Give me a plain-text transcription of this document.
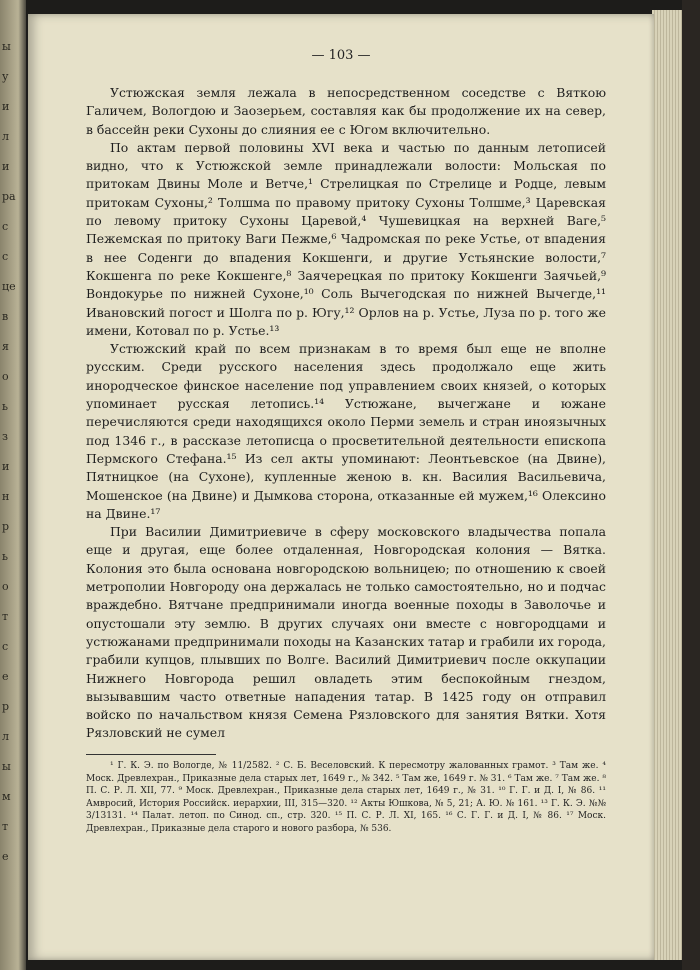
ы
у
и
л
и
ра
с
с
це
в
я
о
ь
з
и
н
р
ь
о
т
с
е
р
л
ы
м
т
е
— 103 —

Устюжская земля лежала в непосредственном соседстве с Вяткою Галичем, Вологдою и Заозерьем, составляя как бы продолжение их на север, в бассейн реки Сухоны до слияния ее с Югом включительно.

По актам первой половины XVI века и частью по данным летописей видно, что к Устюжской земле принадлежали волости: Мольская по притокам Двины Моле и Ветче,¹ Стрелицкая по Стрелице и Родце, левым притокам Сухоны,² Толшма по правому притоку Сухоны Толшме,³ Царевская по левому притоку Сухоны Царевой,⁴ Чушевицкая на верхней Ваге,⁵ Пежемская по притоку Ваги Пежме,⁶ Чадромская по реке Устье, от впадения в нее Соденги до впадения Кокшенги, и другие Устьянские волости,⁷ Кокшенга по реке Кокшенге,⁸ Заячерецкая по притоку Кокшенги Заячьей,⁹ Вондокурье по нижней Сухоне,¹⁰ Соль Вычегодская по нижней Вычегде,¹¹ Ивановский погост и Шолга по р. Югу,¹² Орлов на р. Устье, Луза по р. того же имени, Котовал по р. Устье.¹³

Устюжский край по всем признакам в то время был еще не вполне русским. Среди русского населения здесь продолжало еще жить инородческое финское население под управлением своих князей, о которых упоминает русская летопись.¹⁴ Устюжане, вычегжане и южане перечисляются среди находящихся около Перми земель и стран иноязычных под 1346 г., в рассказе летописца о просветительной деятельности епископа Пермского Стефана.¹⁵ Из сел акты упоминают: Леонтьевское (на Двине), Пятницкое (на Сухоне), купленные женою в. кн. Василия Васильевича, Мошенское (на Двине) и Дымкова сторона, отказанные ей мужем,¹⁶ Олексино на Двине.¹⁷

При Василии Димитриевиче в сферу московского владычества попала еще и другая, еще более отдаленная, Новгородская колония — Вятка. Колония это была основана новгородскою вольницею; по отношению к своей метрополии Новгороду она держалась не только самостоятельно, но и подчас враждебно. Вятчане предпринимали иногда военные походы в Заволочье и опустошали эту землю. В других случаях они вместе с новгородцами и устюжанами предпринимали походы на Казанских татар и грабили их города, грабили купцов, плывших по Волге. Василий Димитриевич после оккупации Нижнего Новгорода решил овладеть этим беспокойным гнездом, вызывавшим часто ответные нападения татар. В 1425 году он отправил войско по начальством князя Семена Рязловского для занятия Вятки. Хотя Рязловский не сумел

¹ Г. К. Э. по Вологде, № 11/2582. ² С. Б. Веселовский. К пересмотру жалованных грамот. ³ Там же. ⁴ Моск. Древлехран., Приказные дела старых лет, 1649 г., № 342. ⁵ Там же, 1649 г. № 31. ⁶ Там же. ⁷ Там же. ⁸ П. С. Р. Л. XII, 77. ⁹ Моск. Древлехран., Приказные дела старых лет, 1649 г., № 31. ¹⁰ Г. Г. и Д. I, № 86. ¹¹ Амвросий, История Российск. иерархии, III, 315—320. ¹² Акты Юшкова, № 5, 21; А. Ю. № 161. ¹³ Г. К. Э. №№ 3/13131. ¹⁴ Палат. летоп. по Синод. сп., стр. 320. ¹⁵ П. С. Р. Л. XI, 165. ¹⁶ С. Г. Г. и Д. I, № 86. ¹⁷ Моск. Древлехран., Приказные дела старого и нового разбора, № 536.
